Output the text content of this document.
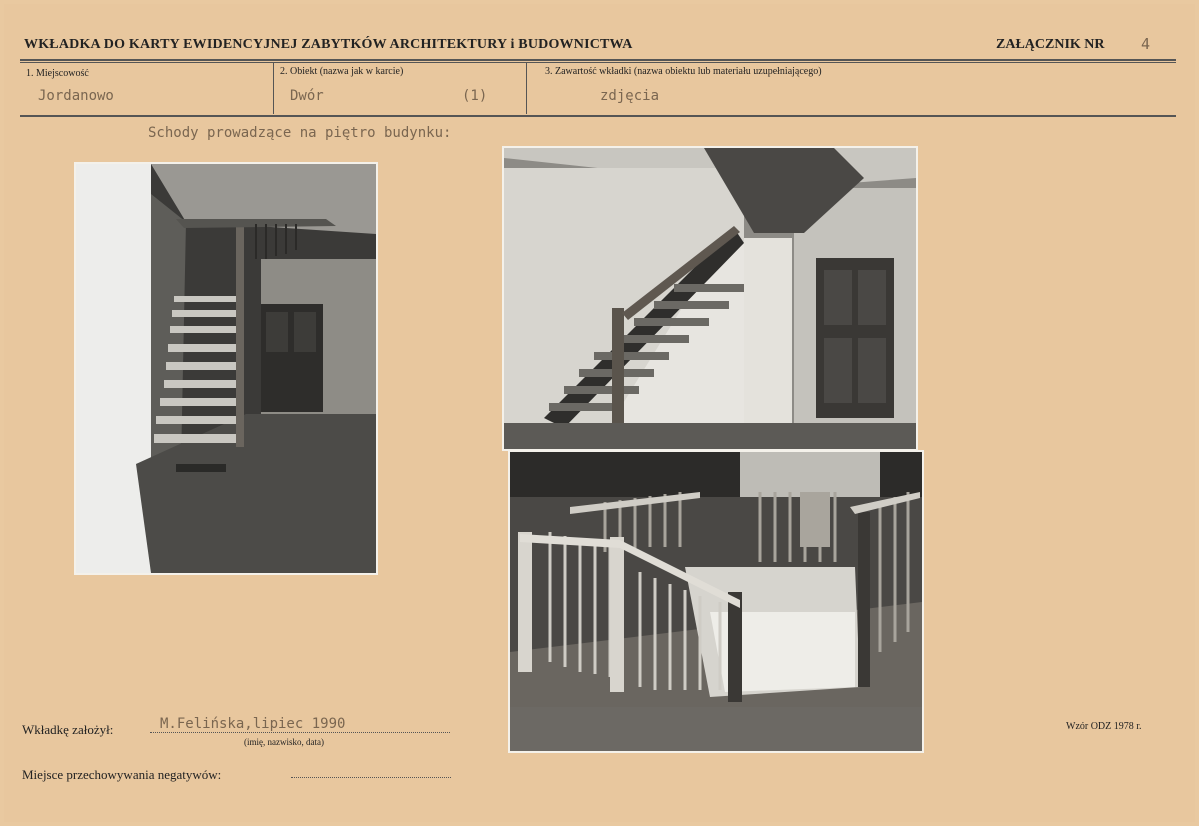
WKŁADKA DO KARTY EWIDENCYJNEJ ZABYTKÓW ARCHITEKTURY i BUDOWNICTWA	ZAŁĄCZNIK NR 4
1. Miejscowość
Jordanowo
2. Obiekt (nazwa jak w karcie)
Dwór	(1)
3. Zawartość wkładki (nazwa obiektu lub materiału uzupełniającego)
zdjęcia
Schody prowadzące na piętro budynku:
Wkładkę założył:	M.Felińska,lipiec 1990
(imię, nazwisko, data)
Miejsce przechowywania negatywów:
Wzór ODZ 1978 r.
